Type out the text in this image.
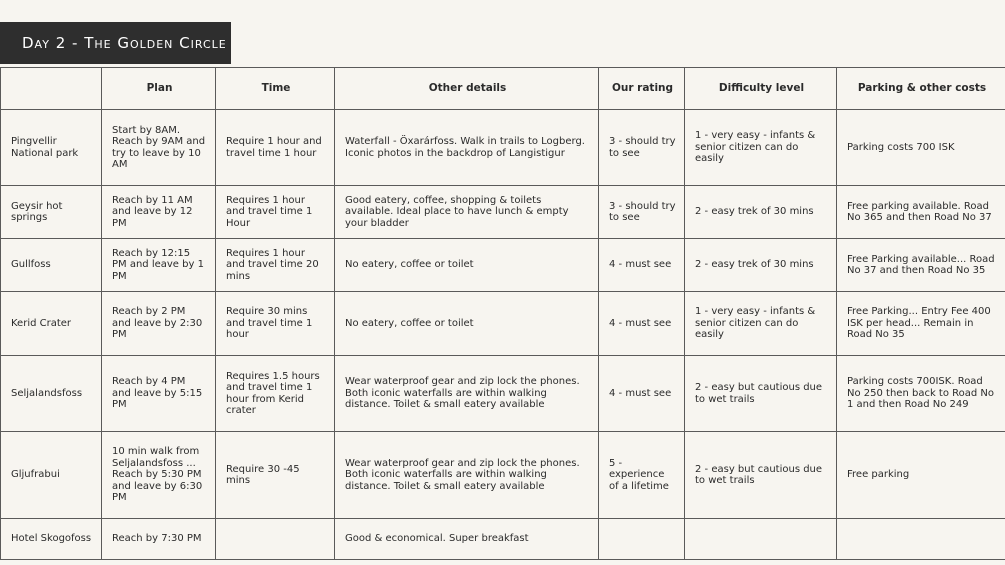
Day 2 - The Golden Circle
	Plan	Time	Other details	Our rating	Difficulty level	Parking & other costs
Pingvellir National park	Start by 8AM. Reach by 9AM and try to leave by 10 AM	Require 1 hour and travel time 1 hour	Waterfall - Öxarárfoss. Walk in trails to Logberg. Iconic photos in the backdrop of Langistigur	3 - should try to see	1 - very easy - infants & senior citizen can do easily	Parking costs 700 ISK
Geysir hot springs	Reach by 11 AM and leave by 12 PM	Requires 1 hour and travel time 1 Hour	Good eatery, coffee, shopping & toilets available. Ideal place to have lunch & empty your bladder	3 - should try to see	2 - easy trek of 30 mins	Free parking available. Road No 365 and then Road No 37
Gullfoss	Reach by 12:15 PM and leave by 1 PM	Requires 1 hour and travel time 20 mins	No eatery, coffee or toilet	4 - must see	2 - easy trek of 30 mins	Free Parking available... Road No 37 and then Road No 35
Kerid Crater	Reach by 2 PM and leave by 2:30 PM	Require 30 mins and travel time 1 hour	No eatery, coffee or toilet	4 - must see	1 - very easy - infants & senior citizen can do easily	Free Parking... Entry Fee 400 ISK per head... Remain in Road No 35
Seljalandsfoss	Reach by 4 PM and leave by 5:15 PM	Requires 1.5 hours and travel time 1 hour from Kerid crater	Wear waterproof gear and zip lock the phones. Both iconic waterfalls are within walking distance. Toilet & small eatery available	4 - must see	2 - easy but cautious due to wet trails	Parking costs 700ISK. Road No 250 then back to Road No 1 and then Road No 249
Gljufrabui	10 min walk from Seljalandsfoss ... Reach by 5:30 PM and leave by 6:30 PM	Require 30 -45 mins	Wear waterproof gear and zip lock the phones. Both iconic waterfalls are within walking distance. Toilet & small eatery available	5 - experience of a lifetime	2 - easy but cautious due to wet trails	Free parking
Hotel Skogofoss	Reach by 7:30 PM		Good & economical. Super breakfast			
